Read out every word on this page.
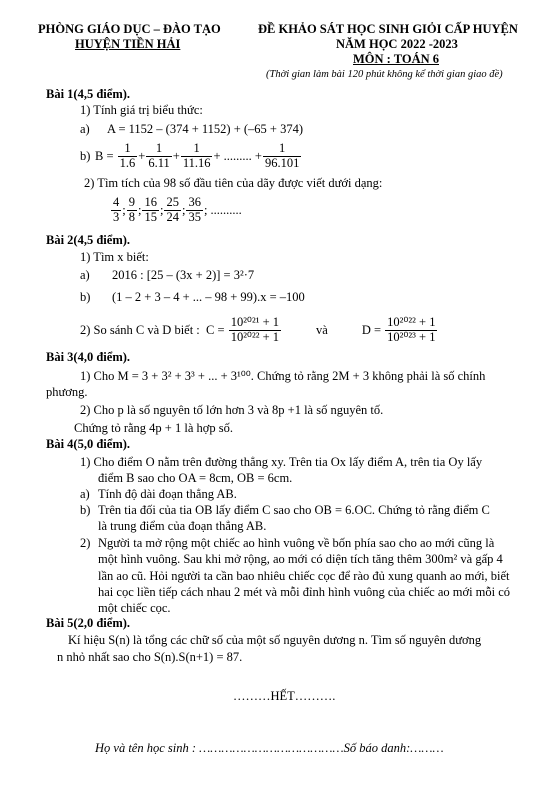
PHÒNG GIÁO DỤC – ĐÀO TẠO
HUYỆN TIỀN HẢI
ĐỀ KHẢO SÁT HỌC SINH GIỎI CẤP HUYỆN
NĂM HỌC 2022 -2023
MÔN : TOÁN 6
(Thời gian làm bài 120 phút không kể thời gian giao đề)
Bài 1(4,5 điểm).
1) Tính giá trị biểu thức:
a) A = 1152 – (374 + 1152) + (–65 + 374)
b) B =
$\frac{1}{1.6} + \frac{1}{6.11} + \frac{1}{11.16}$ + ......... + $\frac{1}{96.101}$
2) Tìm tích của 98 số đầu tiên của dãy được viết dưới dạng:
$\frac{4}{3}$ ; $\frac{9}{8}$ ; $\frac{16}{15}$ ; $\frac{25}{24}$ ; $\frac{36}{35}$ ; ..........
Bài 2(4,5 điểm).
1) Tìm x biết:
a) 2016 : [25 – (3x + 2)] = 3²·7
b) (1 – 2 + 3 – 4 + ... – 98 + 99).x = –100
2) So sánh C và D biết :
C =
$\frac{\text{10²⁰²¹ + 1}}{\text{10²⁰²² + 1}}$	và	D =
$\frac{\text{10²⁰²² + 1}}{\text{10²⁰²³ + 1}}$
Bài 3(4,0 điểm).
1) Cho M = 3 + 3² + 3³ + ... + 3¹⁰⁰. Chứng tỏ rằng 2M + 3 không phải là số chính
phương.
2) Cho p là số nguyên tố lớn hơn 3 và 8p +1 là số nguyên tố.
Chứng tỏ rằng 4p + 1 là hợp số.
Bài 4(5,0 điểm).
1) Cho điểm O nằm trên đường thẳng xy. Trên tia Ox lấy điểm A, trên tia Oy lấy
điểm B sao cho OA = 8cm, OB = 6cm.
a) Tính độ dài đoạn thẳng AB.
b) Trên tia đối của tia OB lấy điểm C sao cho OB = 6.OC. Chứng tỏ rằng điểm C
là trung điểm của đoạn thẳng AB.
2) Người ta mở rộng một chiếc ao hình vuông về bốn phía sao cho ao mới cũng là
một hình vuông. Sau khi mở rộng, ao mới có diện tích tăng thêm 300m² và gấp 4
lần ao cũ. Hỏi người ta cần bao nhiêu chiếc cọc để rào đủ xung quanh ao mới, biết
hai cọc liền tiếp cách nhau 2 mét và mỗi đỉnh hình vuông của chiếc ao mới mỗi có
một chiếc cọc.
Bài 5(2,0 điểm).
Kí hiệu S(n) là tổng các chữ số của một số nguyên dương n. Tìm số nguyên dương
n nhỏ nhất sao cho S(n).S(n+1) = 87.
………HẾT……….
Họ và tên học sinh : …………………………………Số báo danh:………
